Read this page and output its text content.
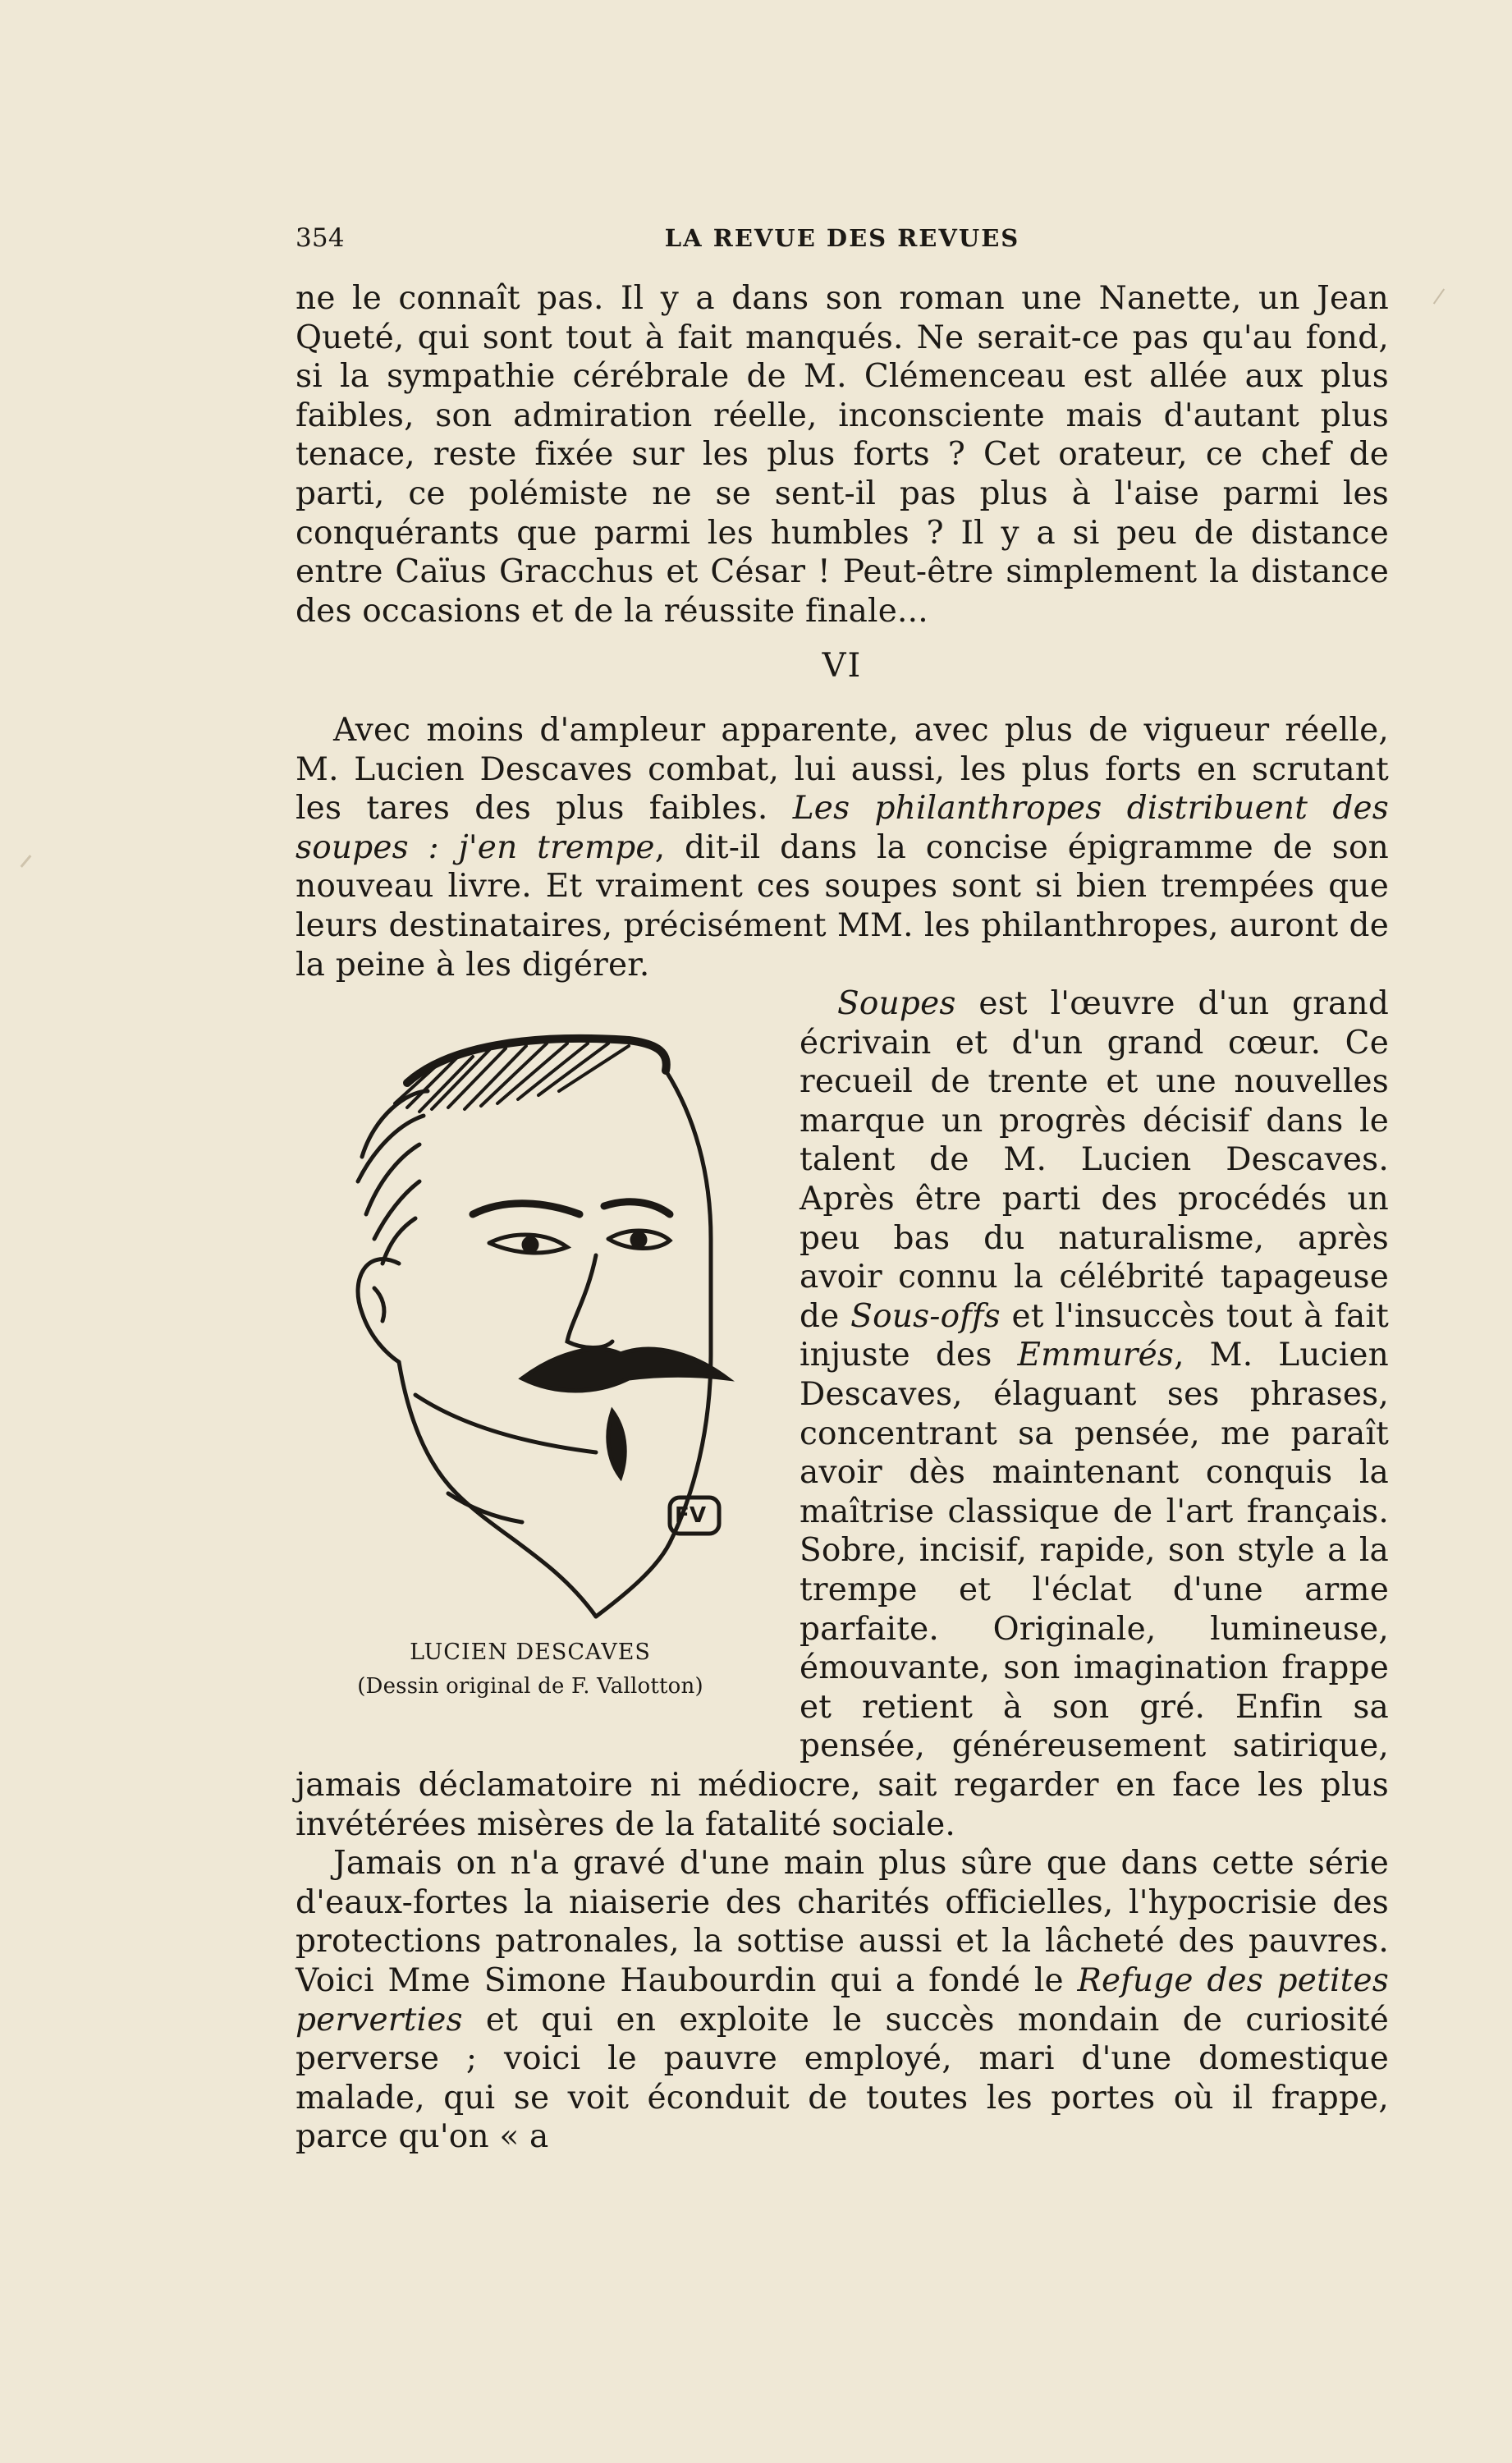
354	LA REVUE DES REVUES

ne le connaît pas. Il y a dans son roman une Nanette, un Jean Queté, qui sont tout à fait manqués. Ne serait-ce pas qu'au fond, si la sympathie cérébrale de M. Clémenceau est allée aux plus faibles, son admiration réelle, inconsciente mais d'autant plus tenace, reste fixée sur les plus forts ? Cet orateur, ce chef de parti, ce polémiste ne se sent-il pas plus à l'aise parmi les conquérants que parmi les humbles ? Il y a si peu de distance entre Caïus Gracchus et César ! Peut-être simplement la distance des occasions et de la réussite finale...

VI

Avec moins d'ampleur apparente, avec plus de vigueur réelle, M. Lucien Descaves combat, lui aussi, les plus forts en scrutant les tares des plus faibles. Les philanthropes distribuent des soupes : j'en trempe, dit-il dans la concise épigramme de son nouveau livre. Et vraiment ces soupes sont si bien trempées que leurs destinataires, précisément MM. les philanthropes, auront de la peine à les digérer.

FV
LUCIEN DESCAVES
(Dessin original de F. Vallotton)

Soupes est l'œuvre d'un grand écrivain et d'un grand cœur. Ce recueil de trente et une nouvelles marque un progrès décisif dans le talent de M. Lucien Descaves. Après être parti des procédés un peu bas du naturalisme, après avoir connu la célébrité tapageuse de Sous-offs et l'insuccès tout à fait injuste des Emmurés, M. Lucien Descaves, élaguant ses phrases, concentrant sa pensée, me paraît avoir dès maintenant conquis la maîtrise classique de l'art français. Sobre, incisif, rapide, son style a la trempe et l'éclat d'une arme parfaite. Originale, lumineuse, émouvante, son imagination frappe et retient à son gré. Enfin sa pensée, généreusement satirique, jamais déclamatoire ni médiocre, sait regarder en face les plus invétérées misères de la fatalité sociale.

Jamais on n'a gravé d'une main plus sûre que dans cette série d'eaux-fortes la niaiserie des charités officielles, l'hypocrisie des protections patronales, la sottise aussi et la lâcheté des pauvres. Voici Mme Simone Haubourdin qui a fondé le Refuge des petites perverties et qui en exploite le succès mondain de curiosité perverse ; voici le pauvre employé, mari d'une domestique malade, qui se voit éconduit de toutes les portes où il frappe, parce qu'on « a
